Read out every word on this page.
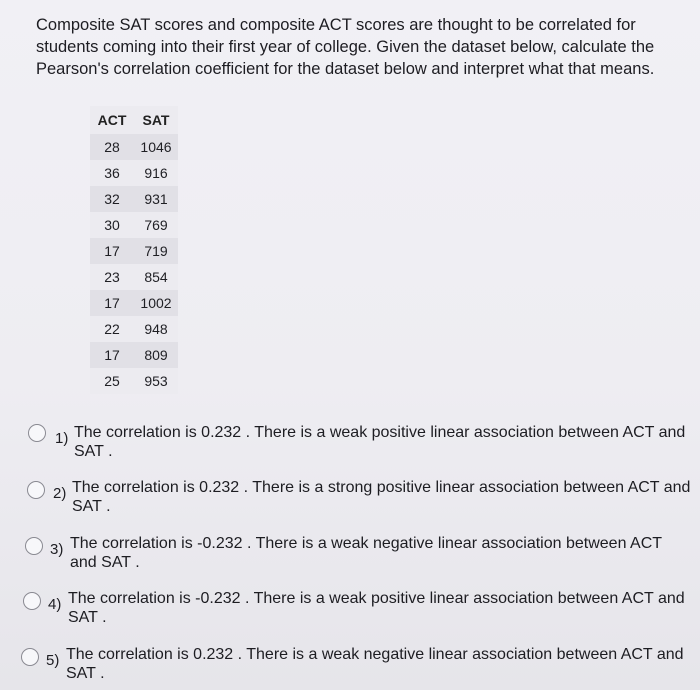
Composite SAT scores and composite ACT scores are thought to be correlated for students coming into their first year of college. Given the dataset below, calculate the Pearson's correlation coefficient for the dataset below and interpret what that means.
ACT	SAT
28	1046
36	916
32	931
30	769
17	719
23	854
17	1002
22	948
17	809
25	953
1) The correlation is 0.232 . There is a weak positive linear association between ACT and SAT .
2) The correlation is 0.232 . There is a strong positive linear association between ACT and SAT .
3) The correlation is -0.232 . There is a weak negative linear association between ACT and SAT .
4) The correlation is -0.232 . There is a weak positive linear association between ACT and SAT .
5) The correlation is 0.232 . There is a weak negative linear association between ACT and SAT .
